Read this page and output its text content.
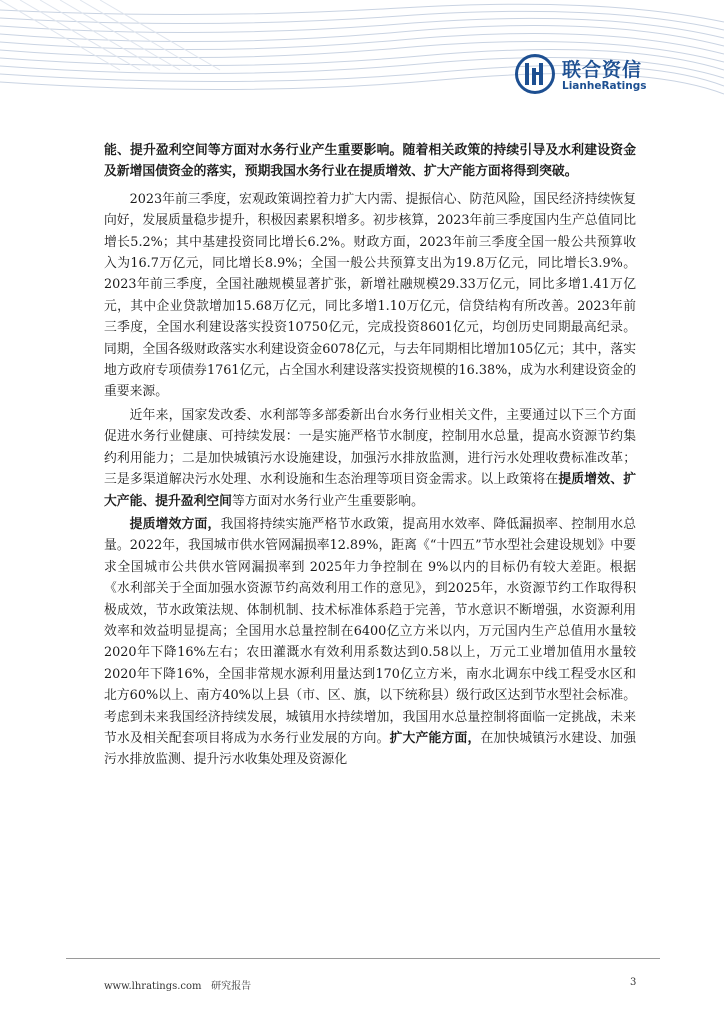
联合资信
LianheRatings

能、提升盈利空间等方面对水务行业产生重要影响。随着相关政策的持续引导及水利建设资金及新增国债资金的落实，预期我国水务行业在提质增效、扩大产能方面将得到突破。

2023年前三季度，宏观政策调控着力扩大内需、提振信心、防范风险，国民经济持续恢复向好，发展质量稳步提升，积极因素累积增多。初步核算，2023年前三季度国内生产总值同比增长5.2%；其中基建投资同比增长6.2%。财政方面，2023年前三季度全国一般公共预算收入为16.7万亿元，同比增长8.9%；全国一般公共预算支出为19.8万亿元，同比增长3.9%。2023年前三季度，全国社融规模显著扩张，新增社融规模29.33万亿元，同比多增1.41万亿元，其中企业贷款增加15.68万亿元，同比多增1.10万亿元，信贷结构有所改善。2023年前三季度，全国水利建设落实投资10750亿元，完成投资8601亿元，均创历史同期最高纪录。同期，全国各级财政落实水利建设资金6078亿元，与去年同期相比增加105亿元；其中，落实地方政府专项债券1761亿元，占全国水利建设落实投资规模的16.38%，成为水利建设资金的重要来源。

近年来，国家发改委、水利部等多部委新出台水务行业相关文件，主要通过以下三个方面促进水务行业健康、可持续发展：一是实施严格节水制度，控制用水总量，提高水资源节约集约利用能力；二是加快城镇污水设施建设，加强污水排放监测，进行污水处理收费标准改革；三是多渠道解决污水处理、水利设施和生态治理等项目资金需求。以上政策将在提质增效、扩大产能、提升盈利空间等方面对水务行业产生重要影响。

提质增效方面，我国将持续实施严格节水政策，提高用水效率、降低漏损率、控制用水总量。2022年，我国城市供水管网漏损率12.89%，距离《“十四五”节水型社会建设规划》中要求全国城市公共供水管网漏损率到 2025年力争控制在 9%以内的目标仍有较大差距。根据《水利部关于全面加强水资源节约高效利用工作的意见》，到2025年，水资源节约工作取得积极成效，节水政策法规、体制机制、技术标准体系趋于完善，节水意识不断增强，水资源利用效率和效益明显提高；全国用水总量控制在6400亿立方米以内，万元国内生产总值用水量较2020年下降16%左右；农田灌溉水有效利用系数达到0.58以上，万元工业增加值用水量较2020年下降16%，全国非常规水源利用量达到170亿立方米，南水北调东中线工程受水区和北方60%以上、南方40%以上县（市、区、旗，以下统称县）级行政区达到节水型社会标准。考虑到未来我国经济持续发展，城镇用水持续增加，我国用水总量控制将面临一定挑战，未来节水及相关配套项目将成为水务行业发展的方向。扩大产能方面，在加快城镇污水建设、加强污水排放监测、提升污水收集处理及资源化

www.lhratings.com 研究报告	3
